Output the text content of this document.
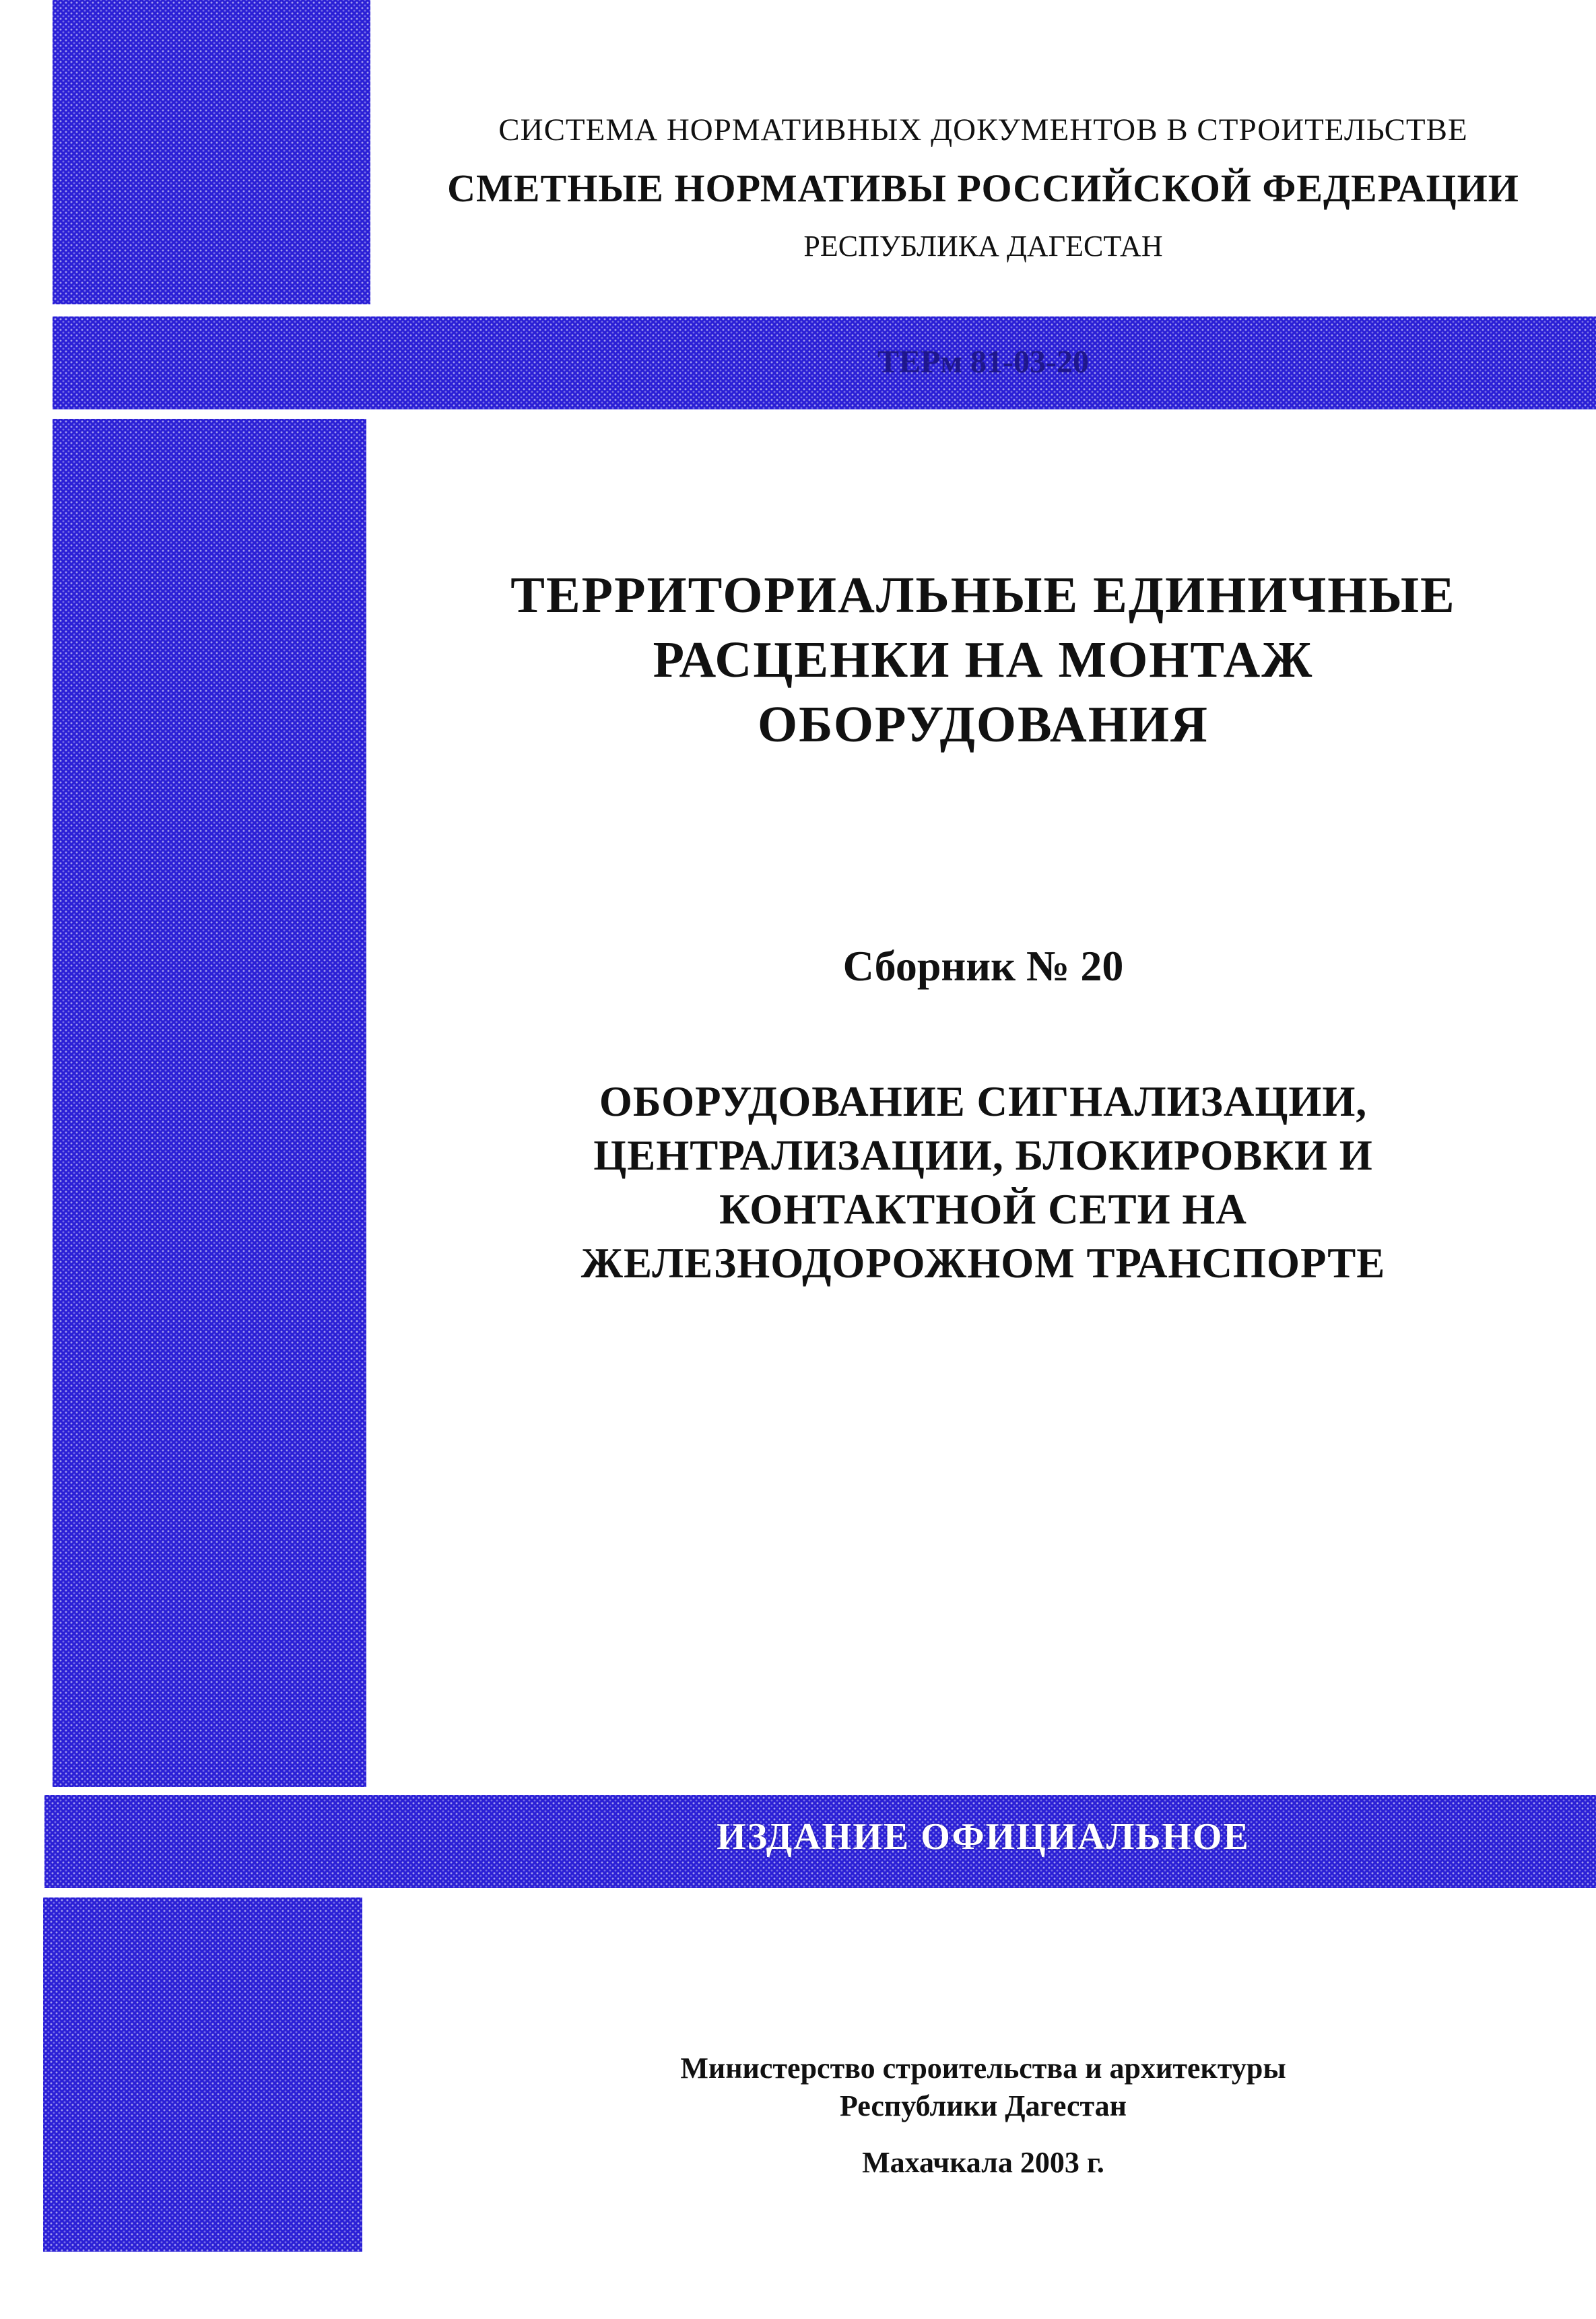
СИСТЕМА НОРМАТИВНЫХ ДОКУМЕНТОВ В СТРОИТЕЛЬСТВЕ
СМЕТНЫЕ НОРМАТИВЫ РОССИЙСКОЙ ФЕДЕРАЦИИ
РЕСПУБЛИКА ДАГЕСТАН
ТЕРм 81-03-20
ТЕРРИТОРИАЛЬНЫЕ ЕДИНИЧНЫЕ
РАСЦЕНКИ НА МОНТАЖ
ОБОРУДОВАНИЯ
Сборник № 20
ОБОРУДОВАНИЕ СИГНАЛИЗАЦИИ,
ЦЕНТРАЛИЗАЦИИ, БЛОКИРОВКИ И
КОНТАКТНОЙ СЕТИ НА
ЖЕЛЕЗНОДОРОЖНОМ ТРАНСПОРТЕ
ИЗДАНИЕ ОФИЦИАЛЬНОЕ
Министерство строительства и архитектуры
Республики Дагестан
Махачкала 2003 г.
